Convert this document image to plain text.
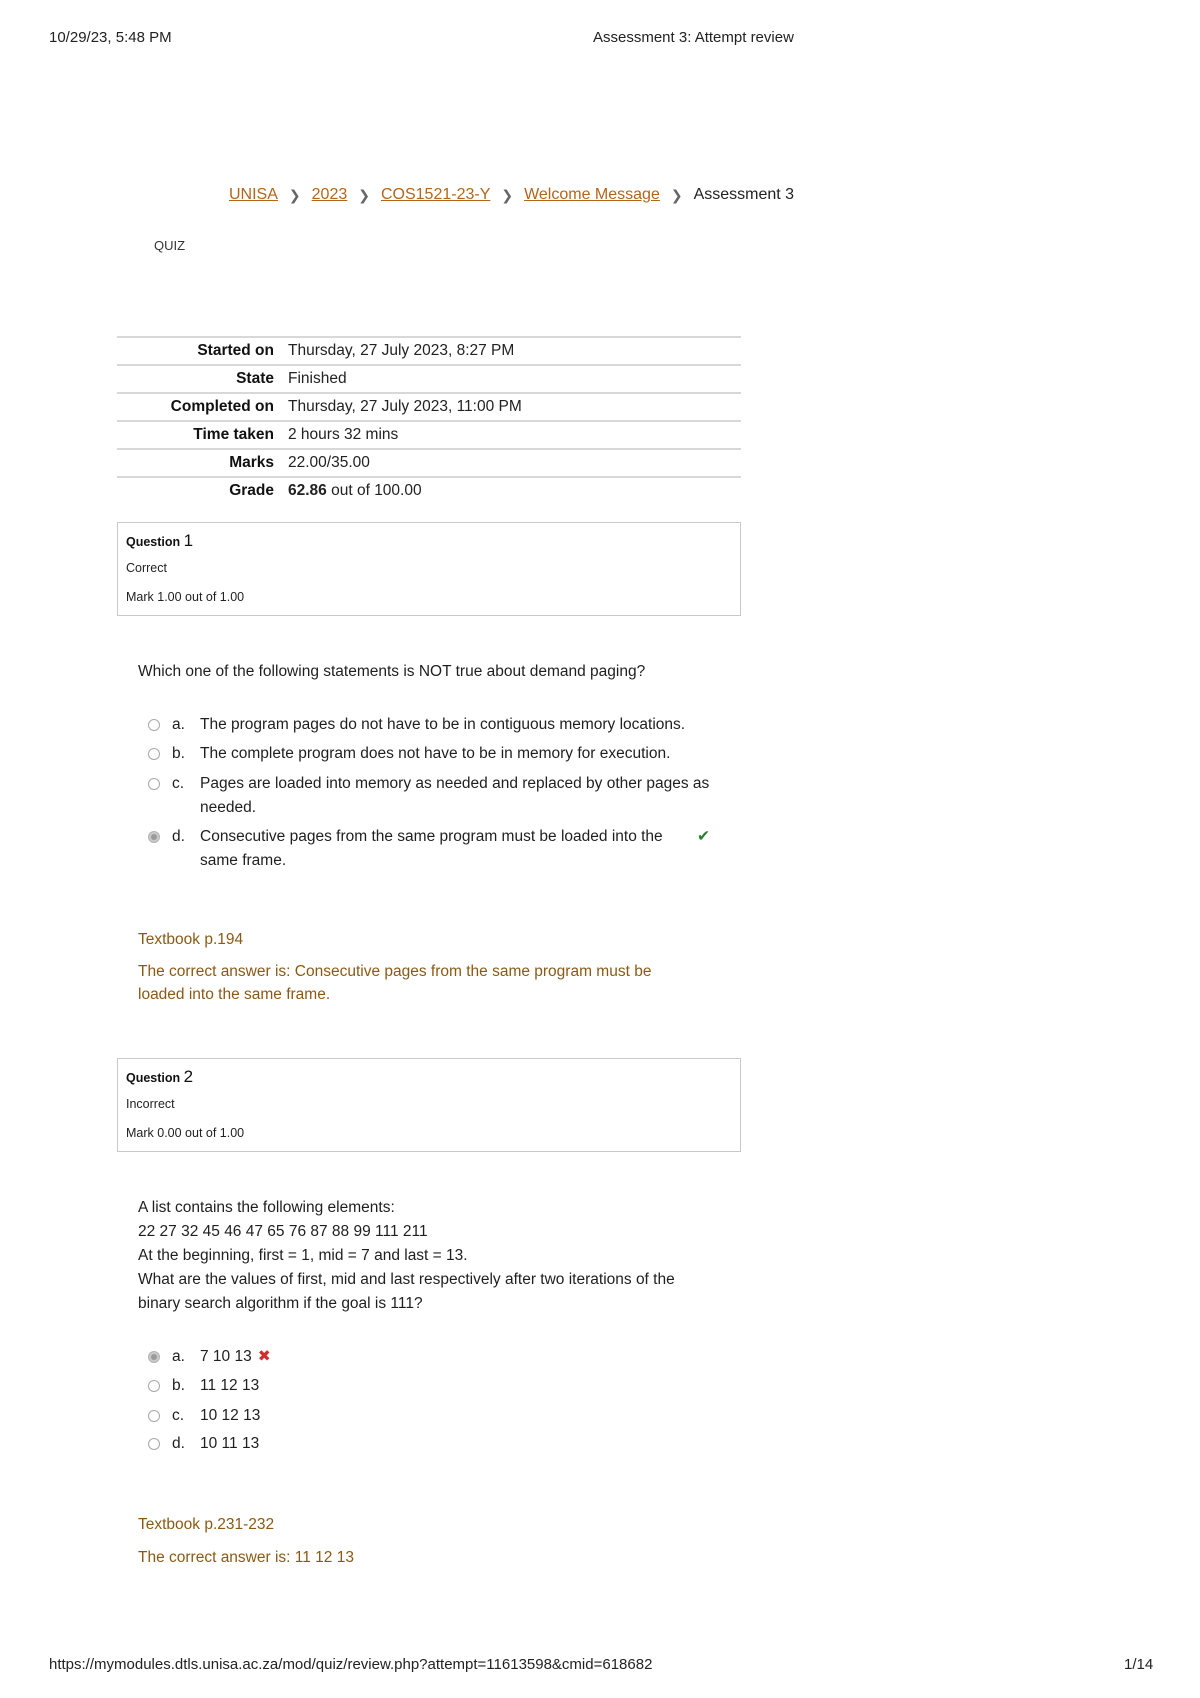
10/29/23, 5:48 PM	Assessment 3: Attempt review
UNISA ❯ 2023 ❯ COS1521-23-Y ❯ Welcome Message ❯ Assessment 3
QUIZ
Started on	Thursday, 27 July 2023, 8:27 PM
State	Finished
Completed on	Thursday, 27 July 2023, 11:00 PM
Time taken	2 hours 32 mins
Marks	22.00/35.00
Grade	62.86 out of 100.00
Question 1
Correct
Mark 1.00 out of 1.00
Which one of the following statements is NOT true about demand paging?
a. The program pages do not have to be in contiguous memory locations.
b. The complete program does not have to be in memory for execution.
c. Pages are loaded into memory as needed and replaced by other pages as needed.
d. Consecutive pages from the same program must be loaded into the same frame.
✔
Textbook p.194
The correct answer is: Consecutive pages from the same program must be loaded into the same frame.
Question 2
Incorrect
Mark 0.00 out of 1.00
A list contains the following elements:
22 27 32 45 46 47 65 76 87 88 99 111 211
At the beginning, first = 1, mid = 7 and last = 13.
What are the values of first, mid and last respectively after two iterations of the binary search algorithm if the goal is 111?
a. 7 10 13 ✖
b. 11 12 13
c. 10 12 13
d. 10 11 13
Textbook p.231-232
The correct answer is: 11 12 13
https://mymodules.dtls.unisa.ac.za/mod/quiz/review.php?attempt=11613598&cmid=618682	1/14
